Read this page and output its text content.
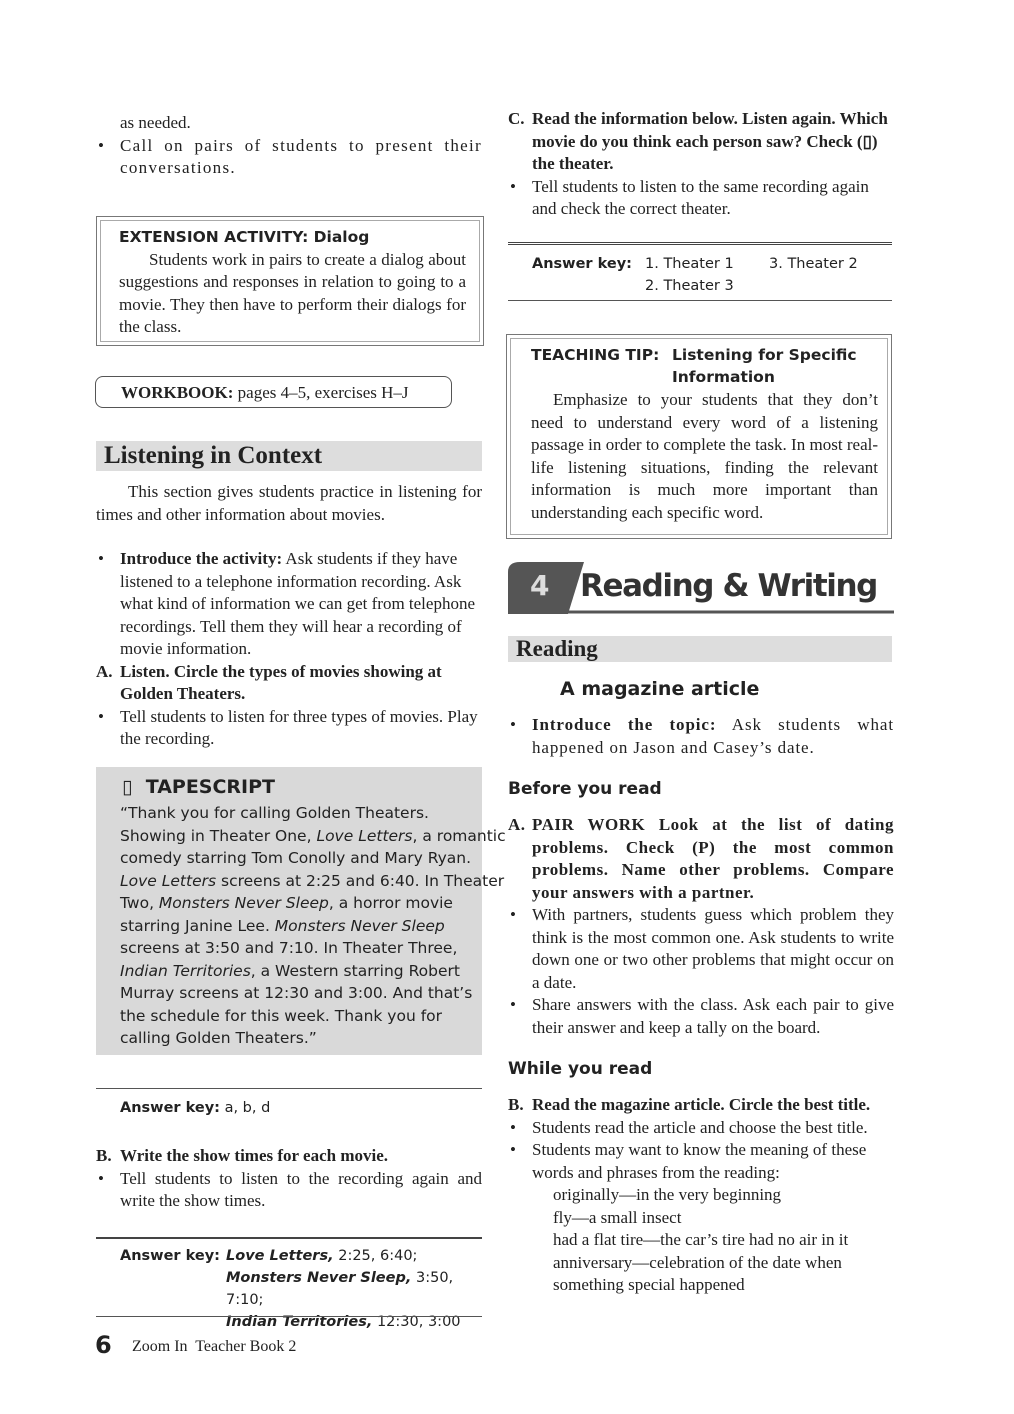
as needed.
• Call on pairs of students to present their conversations.
EXTENSION ACTIVITY: Dialog
Students work in pairs to create a dialog about suggestions and responses in relation to going to a movie. They then have to perform their dialogs for the class.
WORKBOOK: pages 4–5, exercises H–J
Listening in Context
This section gives students practice in listening for times and other information about movies.
• Introduce the activity: Ask students if they have listened to a telephone information recording. Ask what kind of information we can get from telephone recordings. Tell them they will hear a recording of movie information.
A. Listen. Circle the types of movies showing at Golden Theaters.
• Tell students to listen for three types of movies. Play the recording.
▯ TAPESCRIPT
“Thank you for calling Golden Theaters.
Showing in Theater One, Love Letters, a romantic
comedy starring Tom Conolly and Mary Ryan.
Love Letters screens at 2:25 and 6:40. In Theater
Two, Monsters Never Sleep, a horror movie
starring Janine Lee. Monsters Never Sleep
screens at 3:50 and 7:10. In Theater Three,
Indian Territories, a Western starring Robert
Murray screens at 12:30 and 3:00. And that’s
the schedule for this week. Thank you for
calling Golden Theaters.”
Answer key: a, b, d
B. Write the show times for each movie.
• Tell students to listen to the recording again and write the show times.
Answer key: Love Letters, 2:25, 6:40;
Monsters Never Sleep, 3:50, 7:10;
Indian Territories, 12:30, 3:00
C. Read the information below. Listen again. Which movie do you think each person saw? Check (▯) the theater.
• Tell students to listen to the same recording again and check the correct theater.
Answer key: 1. Theater 1 3. Theater 2
2. Theater 3
TEACHING TIP: Listening for Specific
Information
Emphasize to your students that they don’t need to understand every word of a listening passage in order to complete the task. In most real-life listening situations, finding the relevant information is much more important than understanding each specific word.
4 Reading & Writing
Reading
A magazine article
• Introduce the topic: Ask students what happened on Jason and Casey’s date.
Before you read
A. PAIR WORK Look at the list of dating problems. Check (P) the most common problems. Name other problems. Compare your answers with a partner.
• With partners, students guess which problem they think is the most common one. Ask students to write down one or two other problems that might occur on a date.
• Share answers with the class. Ask each pair to give their answer and keep a tally on the board.
While you read
B. Read the magazine article. Circle the best title.
• Students read the article and choose the best title.
• Students may want to know the meaning of these words and phrases from the reading:
originally—in the very beginning
fly—a small insect
had a flat tire—the car’s tire had no air in it
anniversary—celebration of the date when
something special happened
6 Zoom In  Teacher Book 2
